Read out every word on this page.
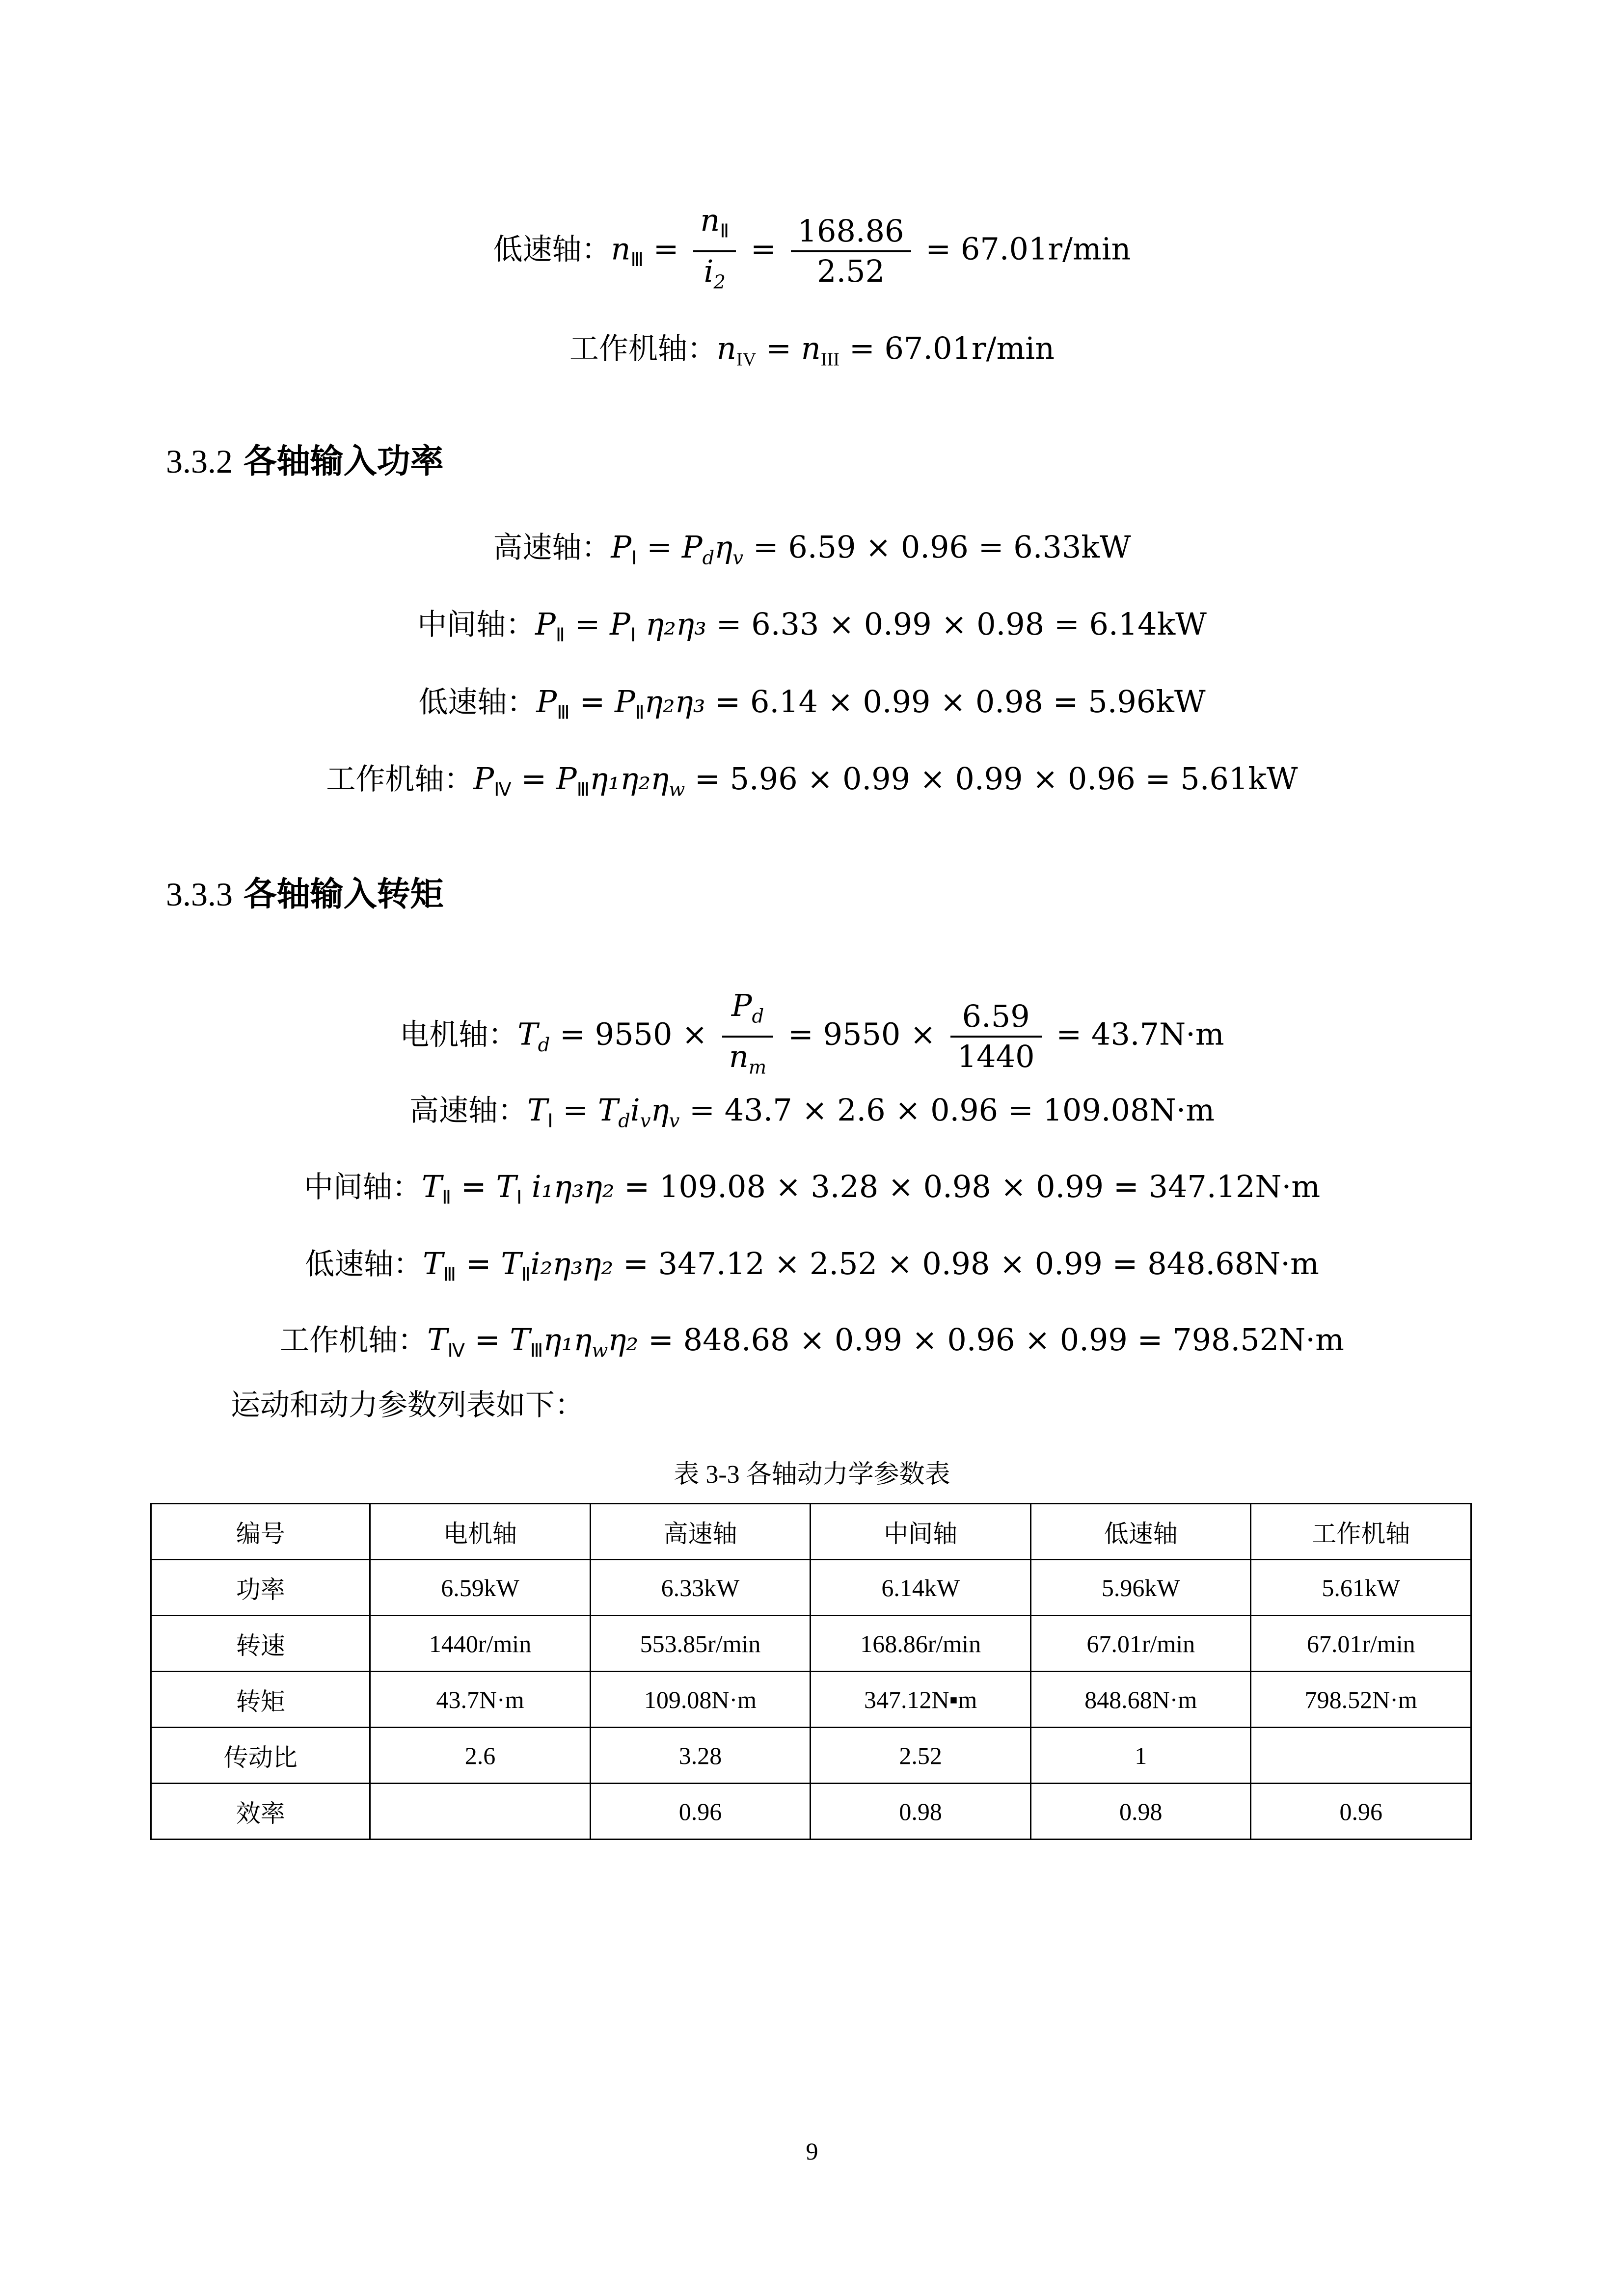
低速轴：$n_Ⅲ = \frac{n_Ⅱ}{i_2} = \frac{168.86}{2.52} = 67.01r/\min$
工作机轴：$n_{IV} = n_{III} = 67.01r/\min$
3.3.2 各轴输入功率
高速轴：$P_Ⅰ = P_d\eta_v = 6.59 \times 0.96 = 6.33kW$
中间轴：$P_Ⅱ = P_Ⅰ$ η₂η₃ = 6.33 × 0.99 × 0.98 = 6.14kW
低速轴：$P_Ⅲ = P_Ⅱ\eta_2\eta_3 = 6.14 \times 0.99 \times 0.98 = 5.96kW$
工作机轴：$P_Ⅳ = P_Ⅲ\eta_1\eta_2\eta_w = 5.96 \times 0.99 \times 0.99 \times 0.96 = 5.61kW$
3.3.3 各轴输入转矩
电机轴：$T_d = 9550 \times \frac{P_d}{n_m} = 9550 \times \frac{6.59}{1440} = 43.7N\cdot m$
高速轴：$T_Ⅰ = T_di_v\eta_v = 43.7 \times 2.6 \times 0.96 = 109.08N\cdot m$
中间轴：$T_Ⅱ = T_Ⅰ$ i₁η₃η₂ = 109.08 × 3.28 × 0.98 × 0.99 = 347.12N·m
低速轴：$T_Ⅲ = T_Ⅱi_2\eta_3\eta_2 = 347.12 \times 2.52 \times 0.98 \times 0.99 = 848.68N\cdot m$
工作机轴：$T_Ⅳ = T_Ⅲ\eta_1\eta_w\eta_2 = 848.68 \times 0.99 \times 0.96 \times 0.99 = 798.52N\cdot m$
运动和动力参数列表如下：
表 3-3 各轴动力学参数表
编号	电机轴	高速轴	中间轴	低速轴	工作机轴
功率	6.59kW	6.33kW	6.14kW	5.96kW	5.61kW
转速	1440r/min	553.85r/min	168.86r/min	67.01r/min	67.01r/min
转矩	43.7N·m	109.08N·m	347.12N▪m	848.68N·m	798.52N·m
传动比	2.6	3.28	2.52	1	
效率		0.96	0.98	0.98	0.96
9
